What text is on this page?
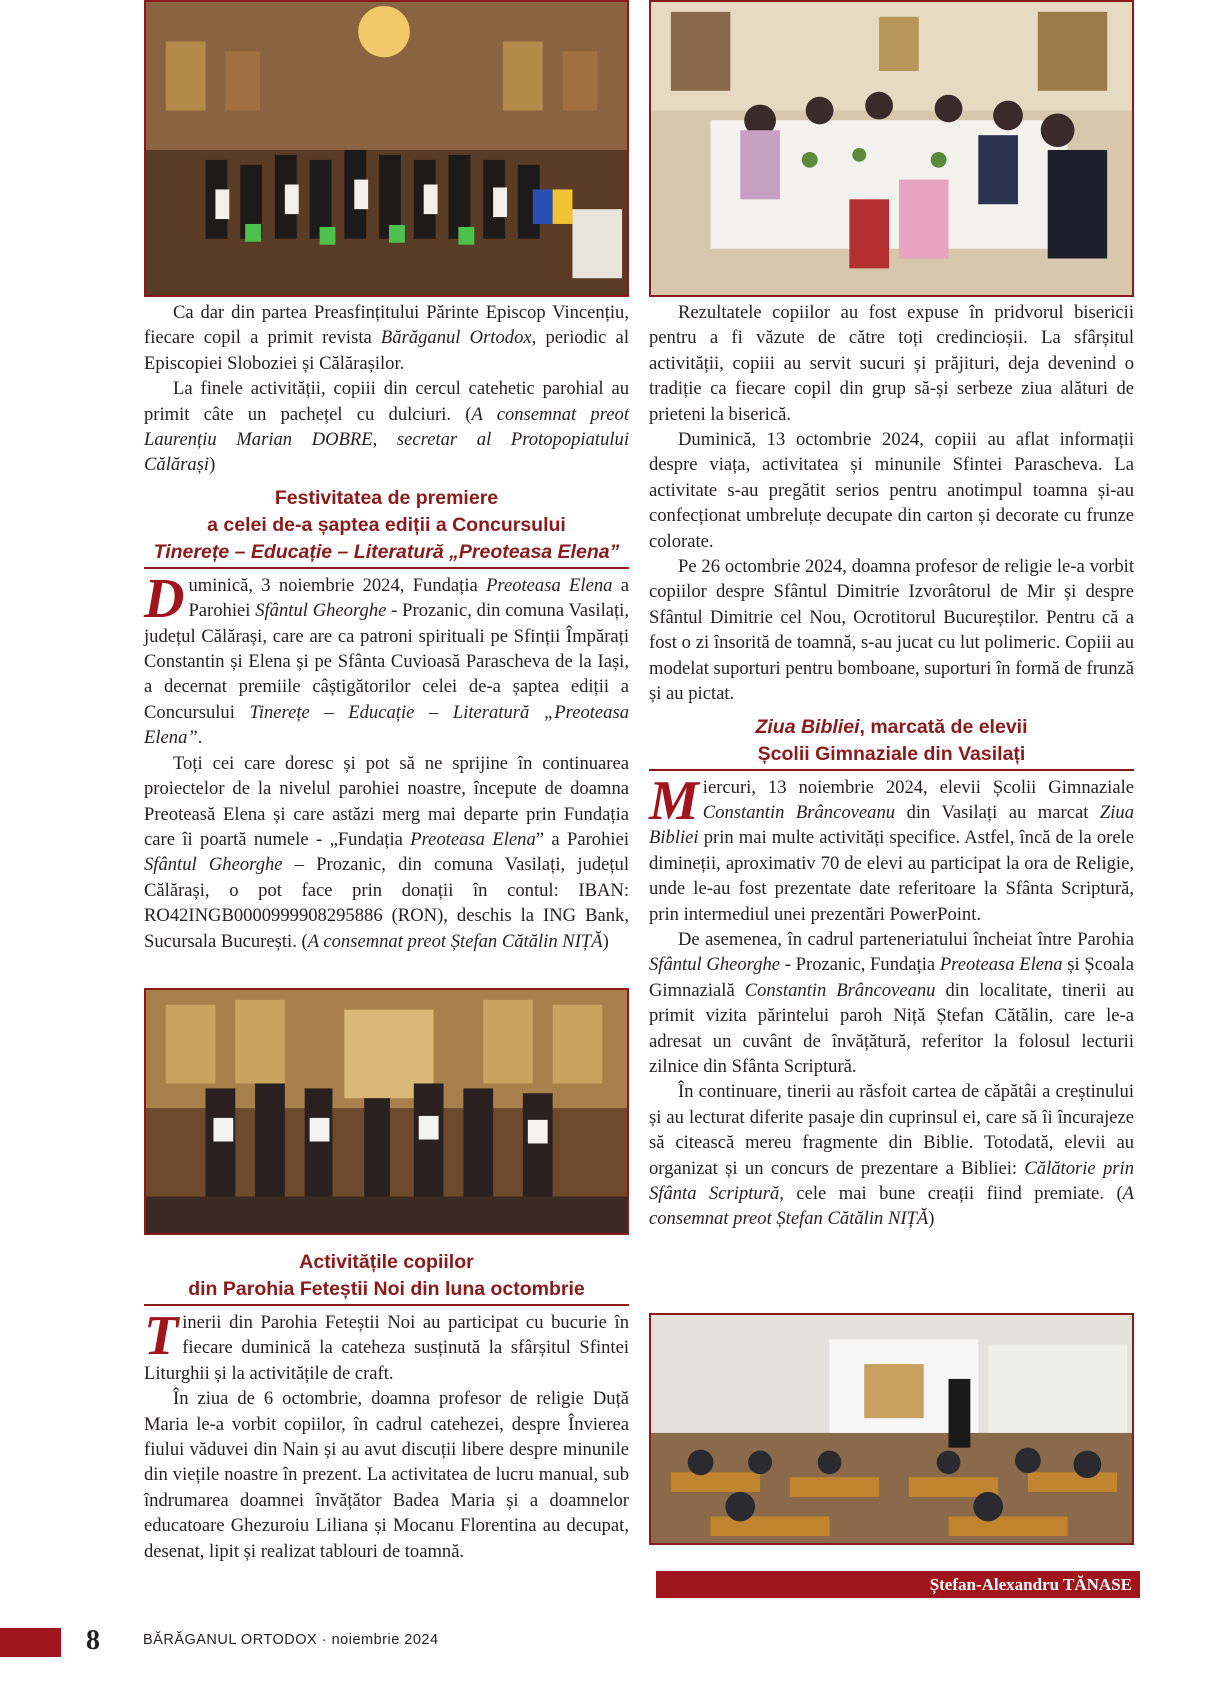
Ca dar din partea Preasfințitului Părinte Episcop Vincențiu, fiecare copil a primit revista Bărăganul Ortodox, periodic al Episcopiei Sloboziei și Călărașilor.

La finele activității, copiii din cercul catehetic parohial au primit câte un pachețel cu dulciuri. (A consemnat preot Laurențiu Marian DOBRE, secretar al Protopopiatului Călărași)

Festivitatea de premiere
a celei de-a șaptea ediții a Concursului
Tinerețe – Educație – Literatură „Preoteasa Elena”

Duminică, 3 noiembrie 2024, Fundația Preoteasa Elena a Parohiei Sfântul Gheorghe - Prozanic, din comuna Vasilați, județul Călărași, care are ca patroni spirituali pe Sfinții Împărați Constantin și Elena și pe Sfânta Cuvioasă Parascheva de la Iași, a decernat premiile câștigătorilor celei de-a șaptea ediții a Concursului Tinerețe – Educație – Literatură „Preoteasa Elena”.

Toți cei care doresc și pot să ne sprijine în continuarea proiectelor de la nivelul parohiei noastre, începute de doamna Preoteasă Elena și care astăzi merg mai departe prin Fundația care îi poartă numele - „Fundația Preoteasa Elena” a Parohiei Sfântul Gheorghe – Prozanic, din comuna Vasilați, județul Călărași, o pot face prin donații în contul: IBAN: RO42INGB0000999908295886 (RON), deschis la ING Bank, Sucursala București. (A consemnat preot Ștefan Cătălin NIȚĂ)

Activitățile copiilor
din Parohia Feteștii Noi din luna octombrie

Tinerii din Parohia Feteștii Noi au participat cu bucurie în fiecare duminică la cateheza susținută la sfârșitul Sfintei Liturghii și la activitățile de craft.

În ziua de 6 octombrie, doamna profesor de religie Duță Maria le-a vorbit copiilor, în cadrul catehezei, despre Învierea fiului văduvei din Nain și au avut discuții libere despre minunile din viețile noastre în prezent. La activitatea de lucru manual, sub îndrumarea doamnei învățător Badea Maria și a doamnelor educatoare Ghezuroiu Liliana și Mocanu Florentina au decupat, desenat, lipit și realizat tablouri de toamnă.

Rezultatele copiilor au fost expuse în pridvorul bisericii pentru a fi văzute de către toți credincioșii. La sfârșitul activității, copiii au servit sucuri și prăjituri, deja devenind o tradiție ca fiecare copil din grup să-și serbeze ziua alături de prieteni la biserică.

Duminică, 13 octombrie 2024, copiii au aflat informații despre viața, activitatea și minunile Sfintei Parascheva. La activitate s-au pregătit serios pentru anotimpul toamna și-au confecționat umbreluțe decupate din carton și decorate cu frunze colorate.

Pe 26 octombrie 2024, doamna profesor de religie le-a vorbit copiilor despre Sfântul Dimitrie Izvorâtorul de Mir și despre Sfântul Dimitrie cel Nou, Ocrotitorul Bucureștilor. Pentru că a fost o zi însorită de toamnă, s-au jucat cu lut polimeric. Copiii au modelat suporturi pentru bomboane, suporturi în formă de frunză și au pictat.

Ziua Bibliei, marcată de elevii
Școlii Gimnaziale din Vasilați

Miercuri, 13 noiembrie 2024, elevii Școlii Gimnaziale Constantin Brâncoveanu din Vasilați au marcat Ziua Bibliei prin mai multe activități specifice. Astfel, încă de la orele dimineții, aproximativ 70 de elevi au participat la ora de Religie, unde le-au fost prezentate date referitoare la Sfânta Scriptură, prin intermediul unei prezentări PowerPoint.

De asemenea, în cadrul parteneriatului încheiat între Parohia Sfântul Gheorghe - Prozanic, Fundația Preoteasa Elena și Școala Gimnazială Constantin Brâncoveanu din localitate, tinerii au primit vizita părintelui paroh Niță Ștefan Cătălin, care le-a adresat un cuvânt de învățătură, referitor la folosul lecturii zilnice din Sfânta Scriptură.

În continuare, tinerii au răsfoit cartea de căpătâi a creștinului și au lecturat diferite pasaje din cuprinsul ei, care să îi încurajeze să citească mereu fragmente din Biblie. Totodată, elevii au organizat și un concurs de prezentare a Bibliei: Călătorie prin Sfânta Scriptură, cele mai bune creații fiind premiate. (A consemnat preot Ștefan Cătălin NIȚĂ)

Ștefan-Alexandru TĂNASE
8	BĂRĂGANUL ORTODOX · noiembrie 2024
